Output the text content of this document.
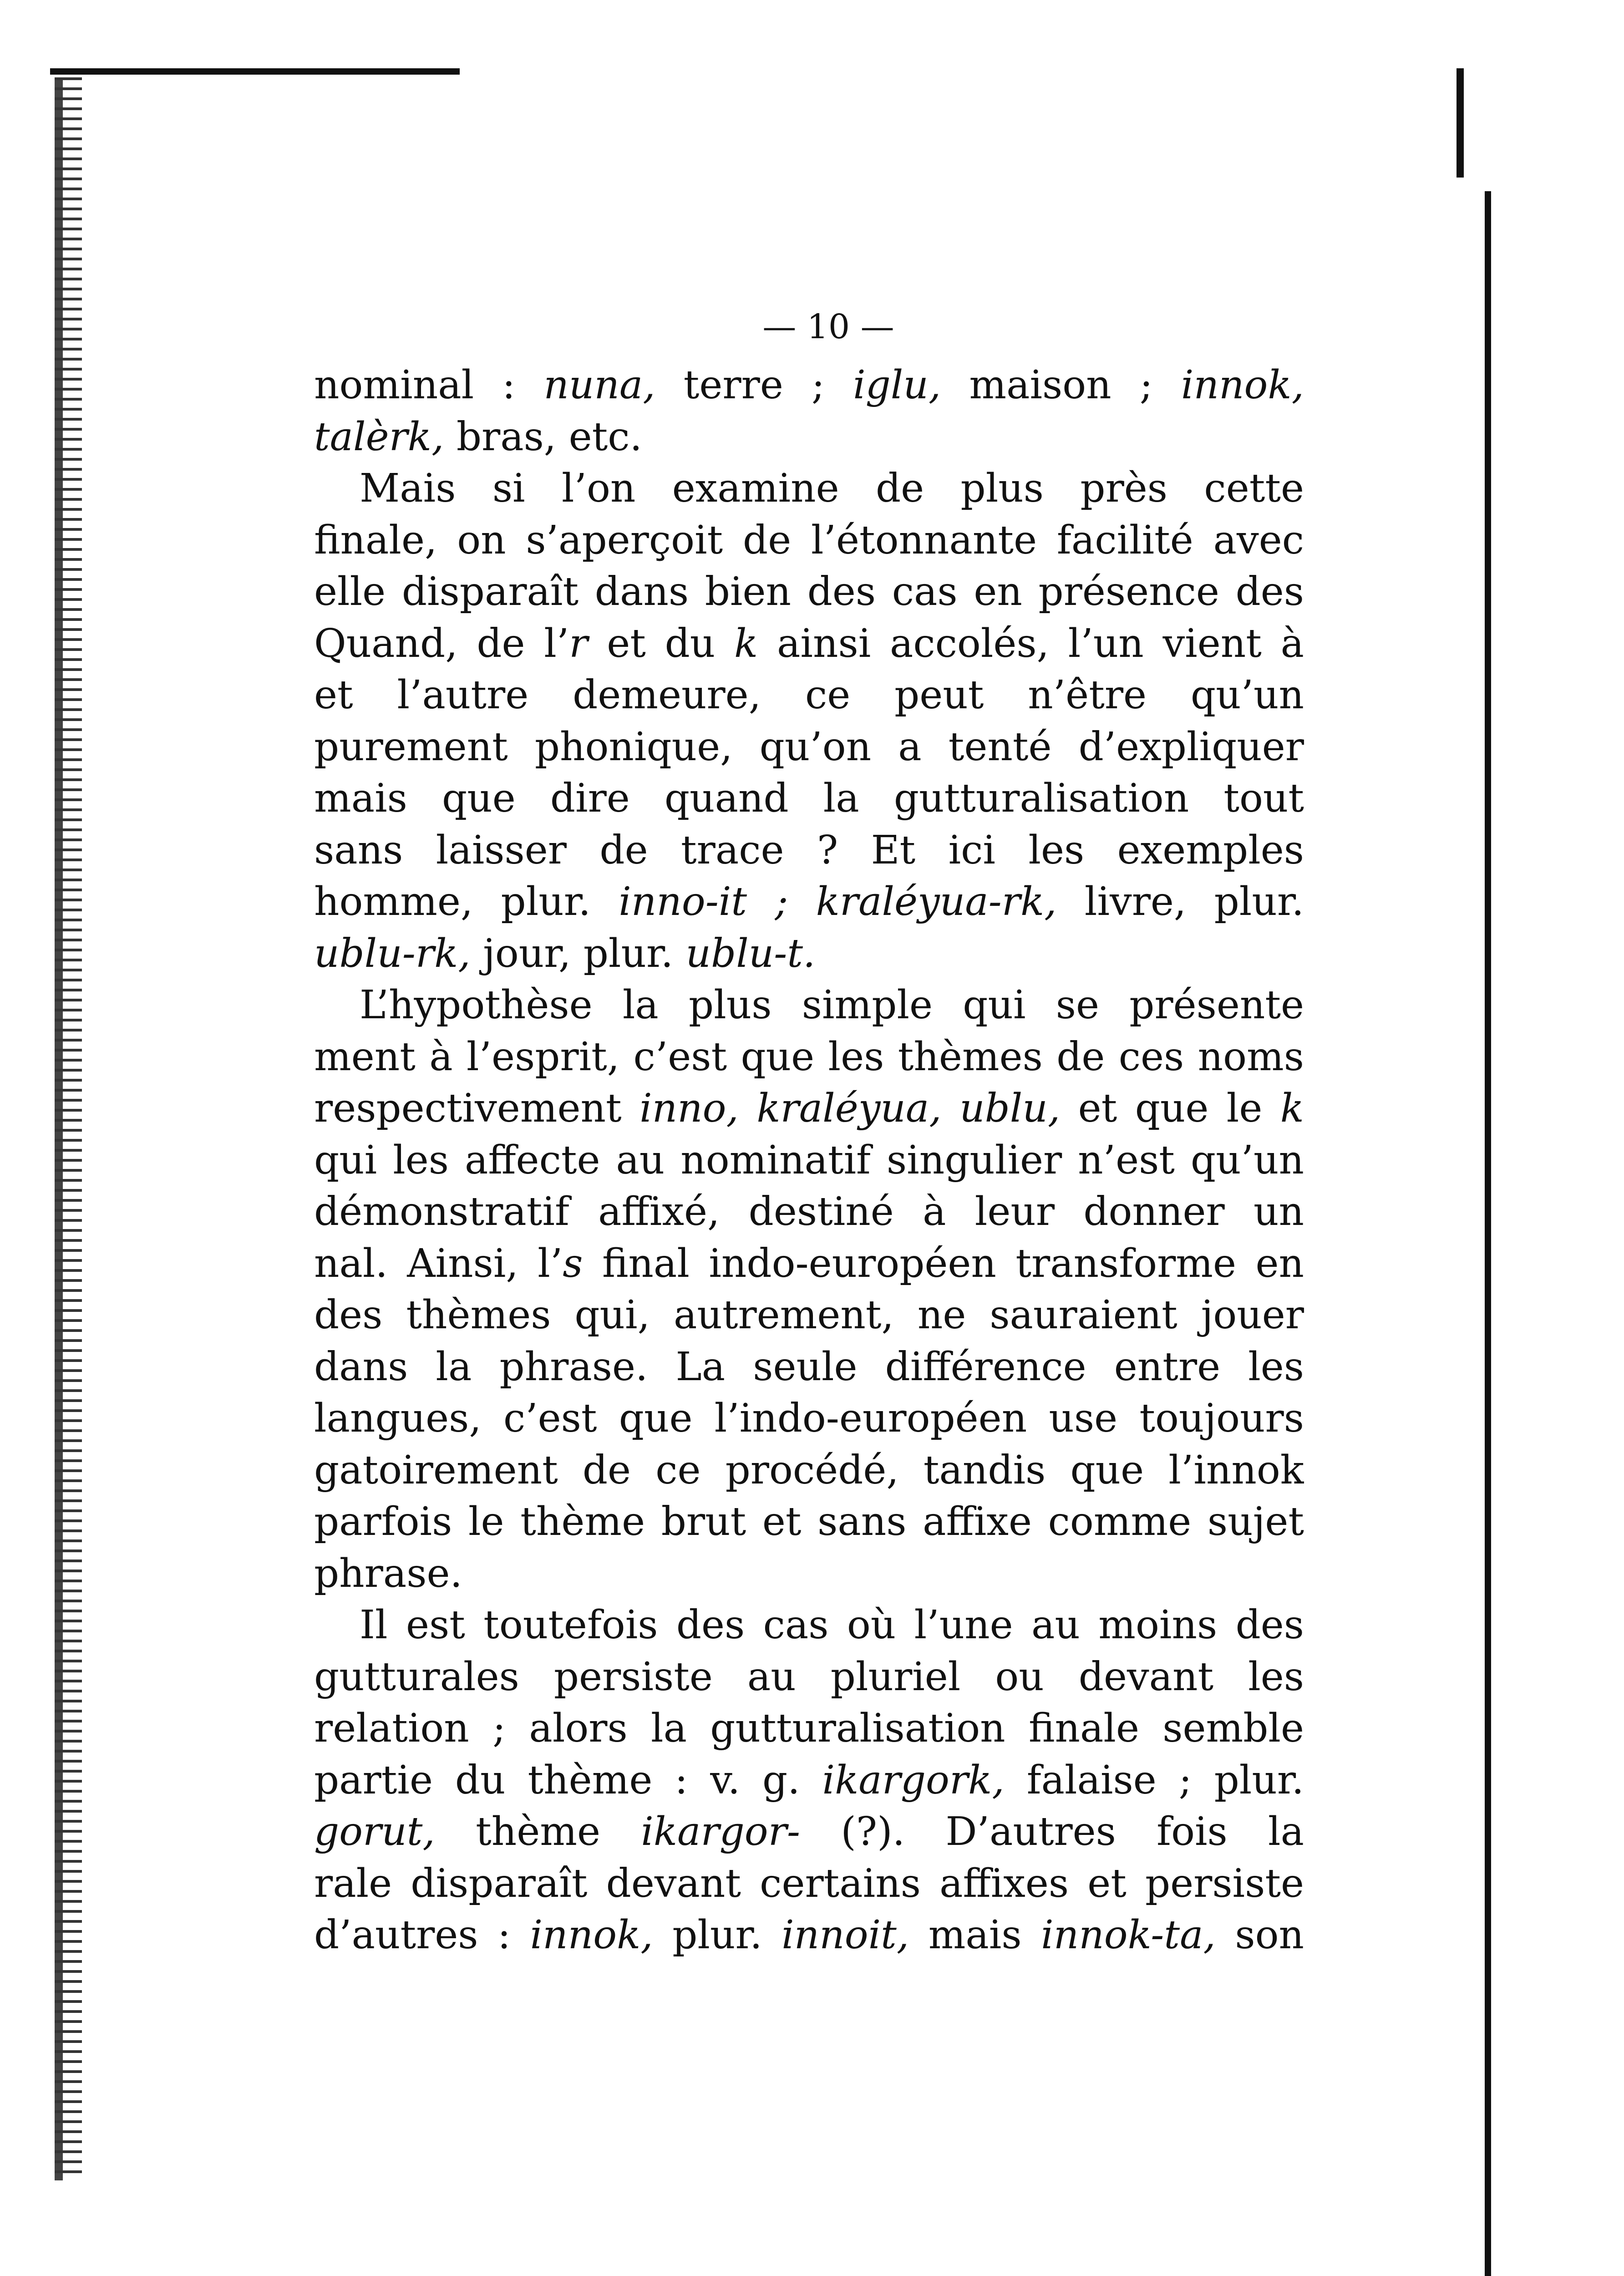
— 10 —
nominal : nuna, terre ; iglu, maison ; innok,
talèrk, bras, etc.
Mais si l’on examine de plus près cette
finale, on s’aperçoit de l’étonnante facilité avec
elle disparaît dans bien des cas en présence des
Quand, de l’r et du k ainsi accolés, l’un vient à
et l’autre demeure, ce peut n’être qu’un
purement phonique, qu’on a tenté d’expliquer
mais que dire quand la gutturalisation tout
sans laisser de trace ? Et ici les exemples
homme, plur. inno-it ; kraléyua-rk, livre, plur.
ublu-rk, jour, plur. ublu-t.
L’hypothèse la plus simple qui se présente
ment à l’esprit, c’est que les thèmes de ces noms
respectivement inno, kraléyua, ublu, et que le k
qui les affecte au nominatif singulier n’est qu’un
démonstratif affixé, destiné à leur donner un
nal. Ainsi, l’s final indo-européen transforme en
des thèmes qui, autrement, ne sauraient jouer
dans la phrase. La seule différence entre les
langues, c’est que l’indo-européen use toujours
gatoirement de ce procédé, tandis que l’innok
parfois le thème brut et sans affixe comme sujet
phrase.
Il est toutefois des cas où l’une au moins des
gutturales persiste au pluriel ou devant les
relation ; alors la gutturalisation finale semble
partie du thème : v. g. ikargork, falaise ; plur.
gorut, thème ikargor- (?). D’autres fois la
rale disparaît devant certains affixes et persiste
d’autres : innok, plur. innoit, mais innok-ta, son
